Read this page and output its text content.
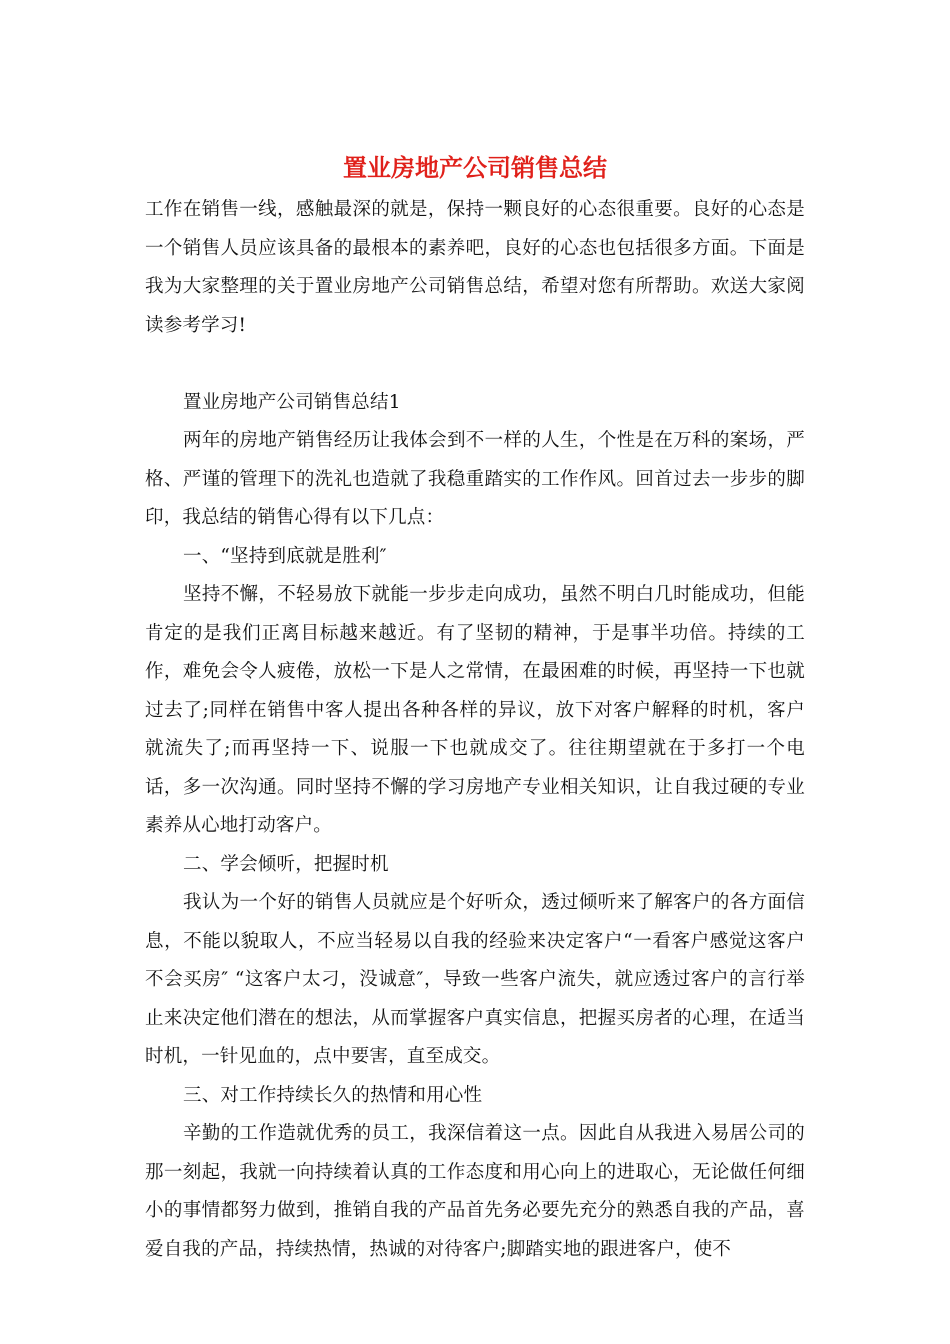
置业房地产公司销售总结

工作在销售一线，感触最深的就是，保持一颗良好的心态很重要。良好的心态是一个销售人员应该具备的最根本的素养吧，良好的心态也包括很多方面。下面是我为大家整理的关于置业房地产公司销售总结，希望对您有所帮助。欢送大家阅读参考学习!

置业房地产公司销售总结1

两年的房地产销售经历让我体会到不一样的人生，个性是在万科的案场，严格、严谨的管理下的洗礼也造就了我稳重踏实的工作作风。回首过去一步步的脚印，我总结的销售心得有以下几点：

一、“坚持到底就是胜利″

坚持不懈，不轻易放下就能一步步走向成功，虽然不明白几时能成功，但能肯定的是我们正离目标越来越近。有了坚韧的精神，于是事半功倍。持续的工作，难免会令人疲倦，放松一下是人之常情，在最困难的时候，再坚持一下也就过去了;同样在销售中客人提出各种各样的异议，放下对客户解释的时机，客户就流失了;而再坚持一下、说服一下也就成交了。往往期望就在于多打一个电话，多一次沟通。同时坚持不懈的学习房地产专业相关知识，让自我过硬的专业素养从心地打动客户。

二、学会倾听，把握时机

我认为一个好的销售人员就应是个好听众，透过倾听来了解客户的各方面信息，不能以貌取人，不应当轻易以自我的经验来决定客户“一看客户感觉这客户不会买房″ “这客户太刁，没诚意″，导致一些客户流失，就应透过客户的言行举止来决定他们潜在的想法，从而掌握客户真实信息，把握买房者的心理，在适当时机，一针见血的，点中要害，直至成交。

三、对工作持续长久的热情和用心性

辛勤的工作造就优秀的员工，我深信着这一点。因此自从我进入易居公司的那一刻起，我就一向持续着认真的工作态度和用心向上的进取心，无论做任何细小的事情都努力做到，推销自我的产品首先务必要先充分的熟悉自我的产品，喜爱自我的产品，持续热情，热诚的对待客户;脚踏实地的跟进客户，使不
